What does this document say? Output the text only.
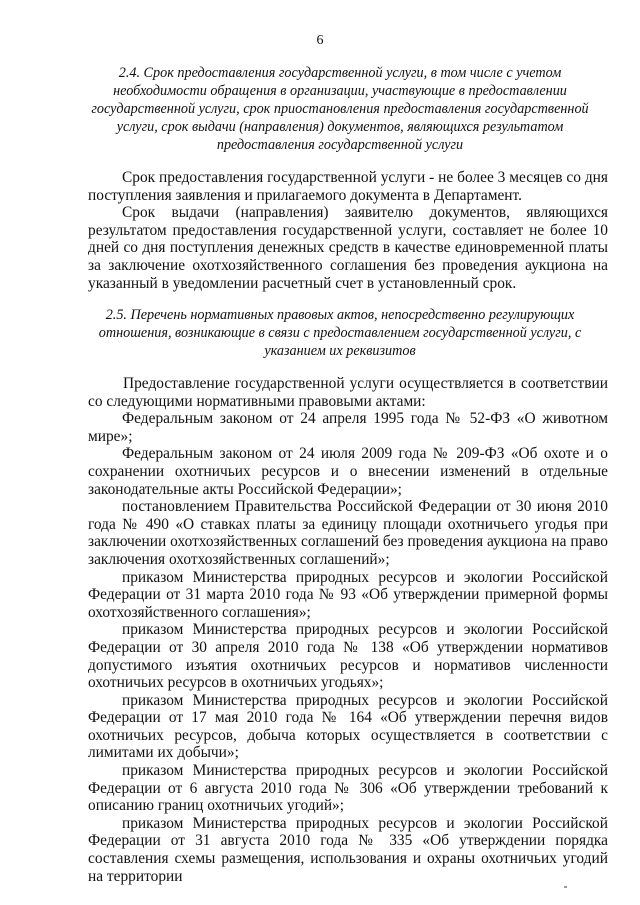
6
2.4. Срок предоставления государственной услуги, в том числе с учетом необходимости обращения в организации, участвующие в предоставлении государственной услуги, срок приостановления предоставления государственной услуги, срок выдачи (направления) документов, являющихся результатом предоставления государственной услуги

Срок предоставления государственной услуги - не более 3 месяцев со дня поступления заявления и прилагаемого документа в Департамент.

Срок выдачи (направления) заявителю документов, являющихся результатом предоставления государственной услуги, составляет не более 10 дней со дня поступления денежных средств в качестве единовременной платы за заключение охотхозяйственного соглашения без проведения аукциона на указанный в уведомлении расчетный счет в установленный срок.

2.5. Перечень нормативных правовых актов, непосредственно регулирующих отношения, возникающие в связи с предоставлением государственной услуги, с указанием их реквизитов

Предоставление государственной услуги осуществляется в соответствии со следующими нормативными правовыми актами:

Федеральным законом от 24 апреля 1995 года № 52-ФЗ «О животном мире»;

Федеральным законом от 24 июля 2009 года № 209-ФЗ «Об охоте и о сохранении охотничьих ресурсов и о внесении изменений в отдельные законодательные акты Российской Федерации»;

постановлением Правительства Российской Федерации от 30 июня 2010 года № 490 «О ставках платы за единицу площади охотничьего угодья при заключении охотхозяйственных соглашений без проведения аукциона на право заключения охотхозяйственных соглашений»;

приказом Министерства природных ресурсов и экологии Российской Федерации от 31 марта 2010 года № 93 «Об утверждении примерной формы охотхозяйственного соглашения»;

приказом Министерства природных ресурсов и экологии Российской Федерации от 30 апреля 2010 года № 138 «Об утверждении нормативов допустимого изъятия охотничьих ресурсов и нормативов численности охотничьих ресурсов в охотничьих угодьях»;

приказом Министерства природных ресурсов и экологии Российской Федерации от 17 мая 2010 года № 164 «Об утверждении перечня видов охотничьих ресурсов, добыча которых осуществляется в соответствии с лимитами их добычи»;

приказом Министерства природных ресурсов и экологии Российской Федерации от 6 августа 2010 года № 306 «Об утверждении требований к описанию границ охотничьих угодий»;

приказом Министерства природных ресурсов и экологии Российской Федерации от 31 августа 2010 года № 335 «Об утверждении порядка составления схемы размещения, использования и охраны охотничьих угодий на территории
